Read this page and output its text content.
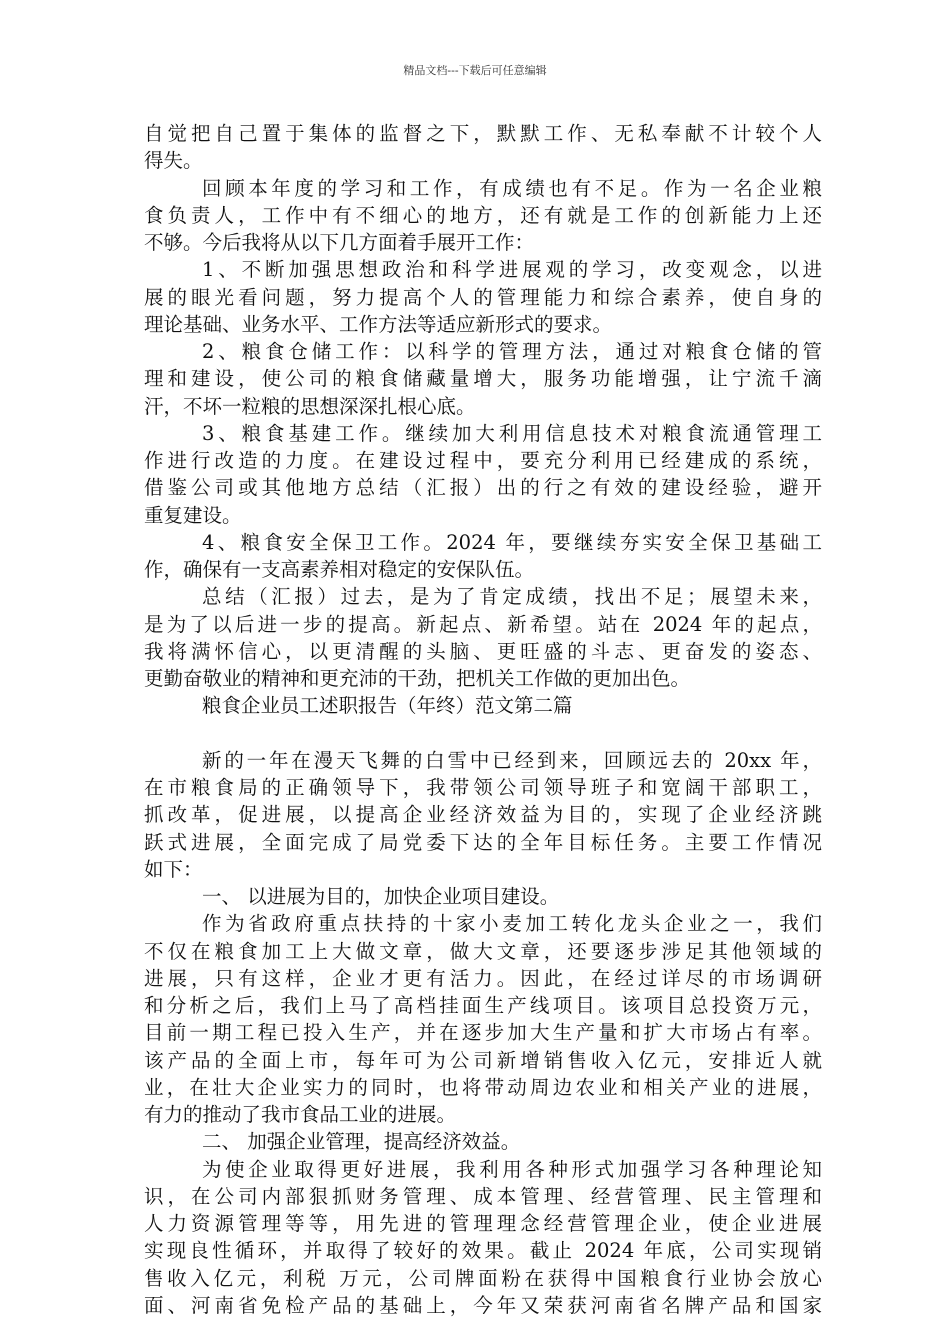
精品文档---下载后可任意编辑
自觉把自己置于集体的监督之下，默默工作、无私奉献不计较个人
得失。
回顾本年度的学习和工作，有成绩也有不足。作为一名企业粮
食负责人，工作中有不细心的地方，还有就是工作的创新能力上还
不够。今后我将从以下几方面着手展开工作：
1、不断加强思想政治和科学进展观的学习，改变观念，以进
展的眼光看问题，努力提高个人的管理能力和综合素养，使自身的
理论基础、业务水平、工作方法等适应新形式的要求。
2、粮食仓储工作：以科学的管理方法，通过对粮食仓储的管
理和建设，使公司的粮食储藏量增大，服务功能增强，让宁流千滴
汗，不坏一粒粮的思想深深扎根心底。
3、粮食基建工作。继续加大利用信息技术对粮食流通管理工
作进行改造的力度。在建设过程中，要充分利用已经建成的系统，
借鉴公司或其他地方总结（汇报）出的行之有效的建设经验，避开
重复建设。
4、粮食安全保卫工作。2024 年，要继续夯实安全保卫基础工
作，确保有一支高素养相对稳定的安保队伍。
总结（汇报）过去，是为了肯定成绩，找出不足；展望未来，
是为了以后进一步的提高。新起点、新希望。站在 2024 年的起点，
我将满怀信心，以更清醒的头脑、更旺盛的斗志、更奋发的姿态、
更勤奋敬业的精神和更充沛的干劲，把机关工作做的更加出色。
粮食企业员工述职报告（年终）范文第二篇
新的一年在漫天飞舞的白雪中已经到来，回顾远去的 20xx 年，
在市粮食局的正确领导下，我带领公司领导班子和宽阔干部职工，
抓改革，促进展，以提高企业经济效益为目的，实现了企业经济跳
跃式进展，全面完成了局党委下达的全年目标任务。主要工作情况
如下：
一、 以进展为目的，加快企业项目建设。
作为省政府重点扶持的十家小麦加工转化龙头企业之一，我们
不仅在粮食加工上大做文章，做大文章，还要逐步涉足其他领域的
进展，只有这样，企业才更有活力。因此，在经过详尽的市场调研
和分析之后，我们上马了高档挂面生产线项目。该项目总投资万元，
目前一期工程已投入生产，并在逐步加大生产量和扩大市场占有率。
该产品的全面上市，每年可为公司新增销售收入亿元，安排近人就
业，在壮大企业实力的同时，也将带动周边农业和相关产业的进展，
有力的推动了我市食品工业的进展。
二、 加强企业管理，提高经济效益。
为使企业取得更好进展，我利用各种形式加强学习各种理论知
识，在公司内部狠抓财务管理、成本管理、经营管理、民主管理和
人力资源管理等等，用先进的管理理念经营管理企业，使企业进展
实现良性循环，并取得了较好的效果。截止 2024 年底，公司实现销
售收入亿元，利税 万元，公司牌面粉在获得中国粮食行业协会放心
面、河南省免检产品的基础上，今年又荣获河南省名牌产品和国家
